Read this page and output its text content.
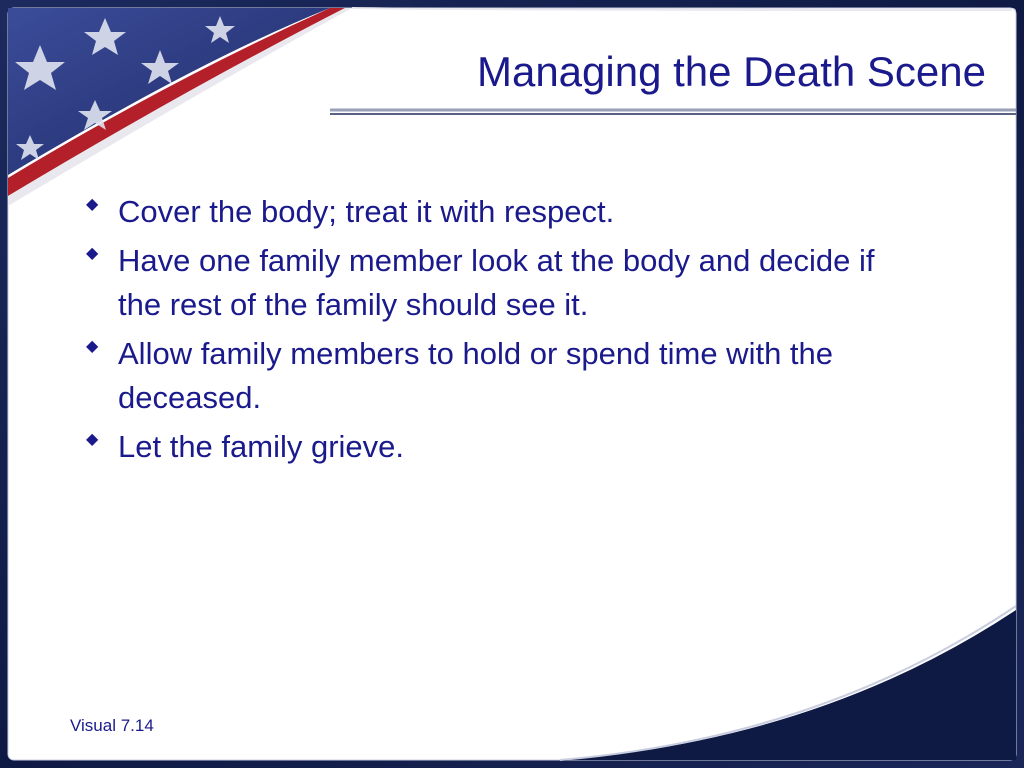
Managing the Death Scene
◆ Cover the body; treat it with respect.
◆ Have one family member look at the body and decide if the rest of the family should see it.
◆ Allow family members to hold or spend time with the deceased.
◆ Let the family grieve.
Visual 7.14
